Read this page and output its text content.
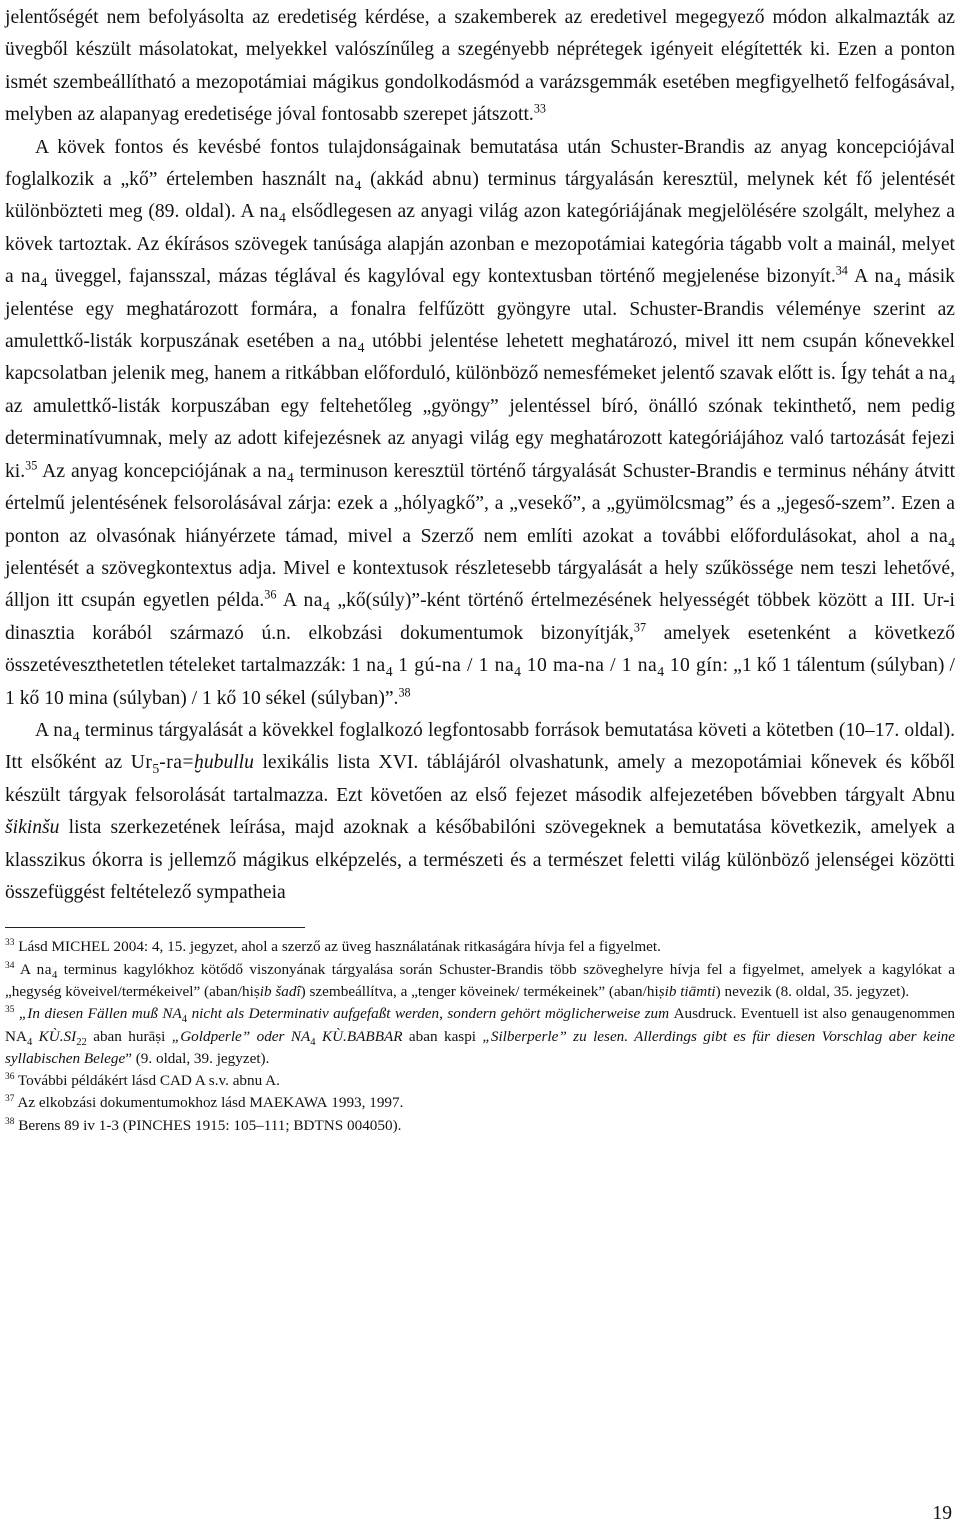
jelentőségét nem befolyásolta az eredetiség kérdése, a szakemberek az eredetivel megegyező módon alkalmazták az üvegből készült másolatokat, melyekkel valószínűleg a szegényebb néprétegek igényeit elégítették ki. Ezen a ponton ismét szembeállítható a mezopotámiai mágikus gondolkodásmód a varázsgemmák esetében megfigyelhető felfogásával, melyben az alapanyag eredetisége jóval fontosabb szerepet játszott.$^{33}$

A kövek fontos és kevésbé fontos tulajdonságainak bemutatása után Schuster-Brandis az anyag koncepciójával foglalkozik a „kő” értelemben használt $na_4$ (akkád abnu) terminus tárgyalásán keresztül, melynek két fő jelentését különbözteti meg (89. oldal). A $na_4$ elsődlegesen az anyagi világ azon kategóriájának megjelölésére szolgált, melyhez a kövek tartoztak. Az ékírásos szövegek tanúsága alapján azonban e mezopotámiai kategória tágabb volt a mainál, melyet a $na_4$ üveggel, fajansszal, mázas téglával és kagylóval egy kontextusban történő megjelenése bizonyít.$^{34}$ A $na_4$ másik jelentése egy meghatározott formára, a fonalra felfűzött gyöngyre utal. Schuster-Brandis véleménye szerint az amulettkő-listák korpuszának esetében a $na_4$ utóbbi jelentése lehetett meghatározó, mivel itt nem csupán kőnevekkel kapcsolatban jelenik meg, hanem a ritkábban előforduló, különböző nemesfémeket jelentő szavak előtt is. Így tehát a $na_4$ az amulettkő-listák korpuszában egy feltehetőleg „gyöngy” jelentéssel bíró, önálló szónak tekinthető, nem pedig determinatívumnak, mely az adott kifejezésnek az anyagi világ egy meghatározott kategóriájához való tartozását fejezi ki.$^{35}$ Az anyag koncepciójának a $na_4$ terminuson keresztül történő tárgyalását Schuster-Brandis e terminus néhány átvitt értelmű jelentésének felsorolásával zárja: ezek a „hólyagkő”, a „vesekő”, a „gyümölcsmag” és a „jegeső-szem”. Ezen a ponton az olvasónak hiányérzete támad, mivel a Szerző nem említi azokat a további előfordulásokat, ahol a $na_4$ jelentését a szövegkontextus adja. Mivel e kontextusok részletesebb tárgyalását a hely szűkössége nem teszi lehetővé, álljon itt csupán egyetlen példa.$^{36}$ A $na_4$ „kő(súly)”-ként történő értelmezésének helyességét többek között a III. Ur-i dinasztia korából származó ú.n. elkobzási dokumentumok bizonyítják,$^{37}$ amelyek esetenként a következő összetéveszthetetlen tételeket tartalmazzák: 1 $na_4$ 1 gú-na / 1 $na_4$ 10 ma-na / 1 $na_4$ 10 gín: „1 kő 1 tálentum (súlyban) / 1 kő 10 mina (súlyban) / 1 kő 10 sékel (súlyban)”.$^{38}$

A $na_4$ terminus tárgyalását a kövekkel foglalkozó legfontosabb források bemutatása követi a kötetben (10–17. oldal). Itt elsőként az $Ur_5-ra=ḫubullu$ lexikális lista XVI. táblájáról olvashatunk, amely a mezopotámiai kőnevek és kőből készült tárgyak felsorolását tartalmazza. Ezt követően az első fejezet második alfejezetében bővebben tárgyalt Abnu šikinšu lista szerkezetének leírása, majd azoknak a későbabilóni szövegeknek a bemutatása következik, amelyek a klasszikus ókorra is jellemző mágikus elképzelés, a természeti és a természet feletti világ különböző jelenségei közötti összefüggést feltételező sympatheia

$^{33}$ Lásd MICHEL 2004: 4, 15. jegyzet, ahol a szerző az üveg használatának ritkaságára hívja fel a figyelmet.

$^{34}$ A $na_4$ terminus kagylókhoz kötődő viszonyának tárgyalása során Schuster-Brandis több szöveghelyre hívja fel a figyelmet, amelyek a kagylókat a „hegység köveivel/termékeivel” (aban/hiṣib šadî) szembeállítva, a „tenger köveinek/ termékeinek” (aban/hiṣib tiāmti) nevezik (8. oldal, 35. jegyzet).

$^{35}$ „In diesen Fällen muß $NA_4$ nicht als Determinativ aufgefaßt werden, sondern gehört möglicherweise zum Ausdruck. Eventuell ist also genaugenommen $NA_4$ $KÙ.SI_{22}$ aban hurāṣi „Goldperle” oder $NA_4$ KÙ.BABBAR aban kaspi „Silberperle” zu lesen. Allerdings gibt es für diesen Vorschlag aber keine syllabischen Belege” (9. oldal, 39. jegyzet).

$^{36}$ További példákért lásd CAD A s.v. abnu A.

$^{37}$ Az elkobzási dokumentumokhoz lásd MAEKAWA 1993, 1997.

$^{38}$ Berens 89 iv 1-3 (PINCHES 1915: 105–111; BDTNS 004050).

19
